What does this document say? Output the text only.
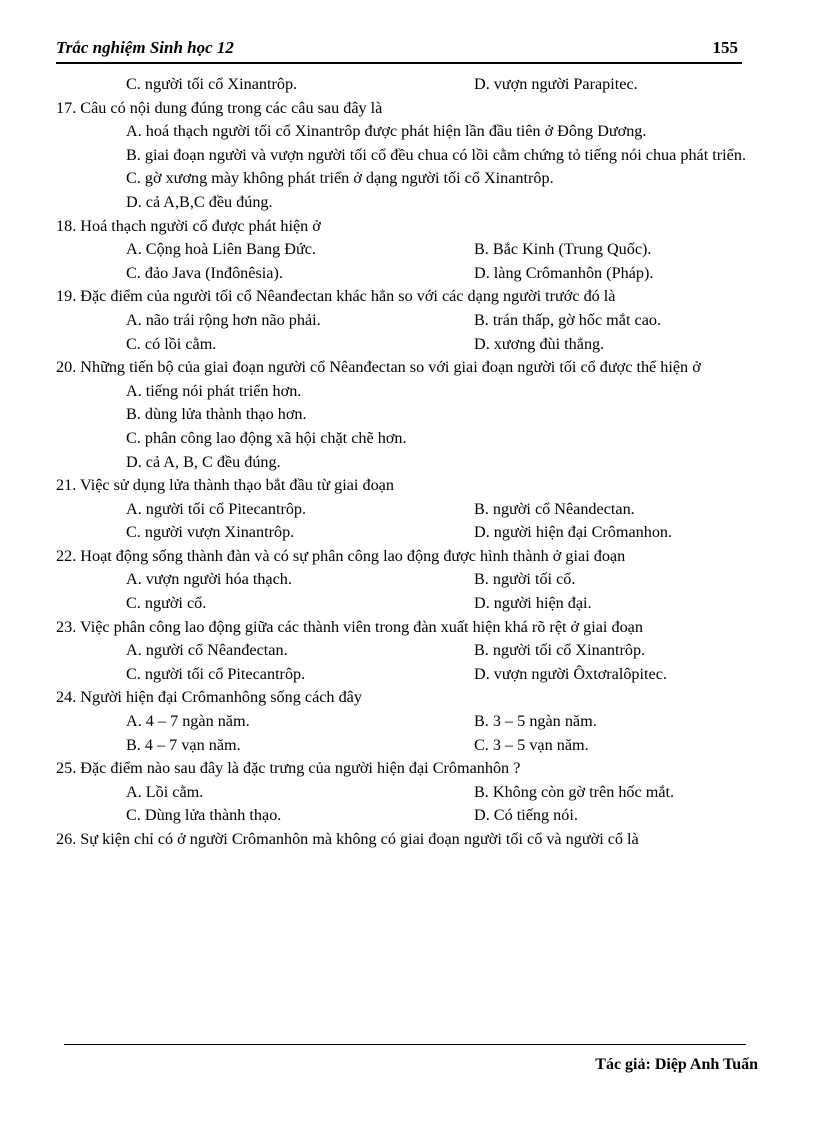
Trắc nghiệm Sinh học 12	155
C. người tối cổ Xinantrôp.	D. vượn người Parapitec.
17. Câu có nội dung đúng trong các câu sau đây là
A. hoá thạch người tối cổ Xinantrôp được phát hiện lần đầu tiên ở Đông Dương.
B. giai đoạn người và vượn người tối cổ đều chua có lồi cằm chứng tỏ tiếng nói chua phát triển.
C. gờ xương mày không phát triển ở dạng người tối cổ Xinantrôp.
D. cả A,B,C đều đúng.
18. Hoá thạch người cổ được phát hiện ở
A. Cộng hoà Liên Bang Đức.	B. Bắc Kinh (Trung Quốc).
C. đảo Java (Inđônêsia).	D. làng Crômanhôn (Pháp).
19. Đặc điểm của người tối cổ Nêanđectan khác hẳn so với các dạng người trước đó là
A. não trái rộng hơn não phải.	B. trán thấp, gờ hốc mắt cao.
C. có lồi cằm.	D. xương đùi thẳng.
20. Những tiến bộ của giai đoạn người cổ Nêanđectan so với giai đoạn người tối cổ được thể hiện ở
A. tiếng nói phát triển hơn.
B. dùng lửa thành thạo hơn.
C. phân công lao động xã hội chặt chẽ hơn.
D. cả A, B, C đều đúng.
21. Việc sử dụng lửa thành thạo bắt đầu từ giai đoạn
A. người tối cổ Pitecantrôp.	B. người cổ Nêandectan.
C. người vượn Xinantrôp.	D. người hiện đại Crômanhon.
22. Hoạt động sống thành đàn và có sự phân công lao động được hình thành ở giai đoạn
A. vượn người hóa thạch.	B. người tối cổ.
C. người cổ.	D. người hiện đại.
23. Việc phân công lao động giữa các thành viên trong đàn xuất hiện khá rõ rệt ở giai đoạn
A. người cổ Nêanđectan.	B. người tối cổ Xinantrôp.
C. người tối cổ Pitecantrôp.	D. vượn người Ôxtơralôpitec.
24. Người hiện đại Crômanhông sống cách đây
A. 4 – 7 ngàn năm.	B. 3 – 5 ngàn năm.
B. 4 – 7 vạn năm.	C. 3 – 5 vạn năm.
25. Đặc điểm nào sau đây là đặc trưng của người hiện đại Crômanhôn ?
A. Lồi cằm.	B. Không còn gờ trên hốc mắt.
C. Dùng lửa thành thạo.	D. Có tiếng nói.
26. Sự kiện chỉ có ở người Crômanhôn mà không có giai đoạn người tối cổ và người cổ là
Tác giả: Diệp Anh Tuấn
